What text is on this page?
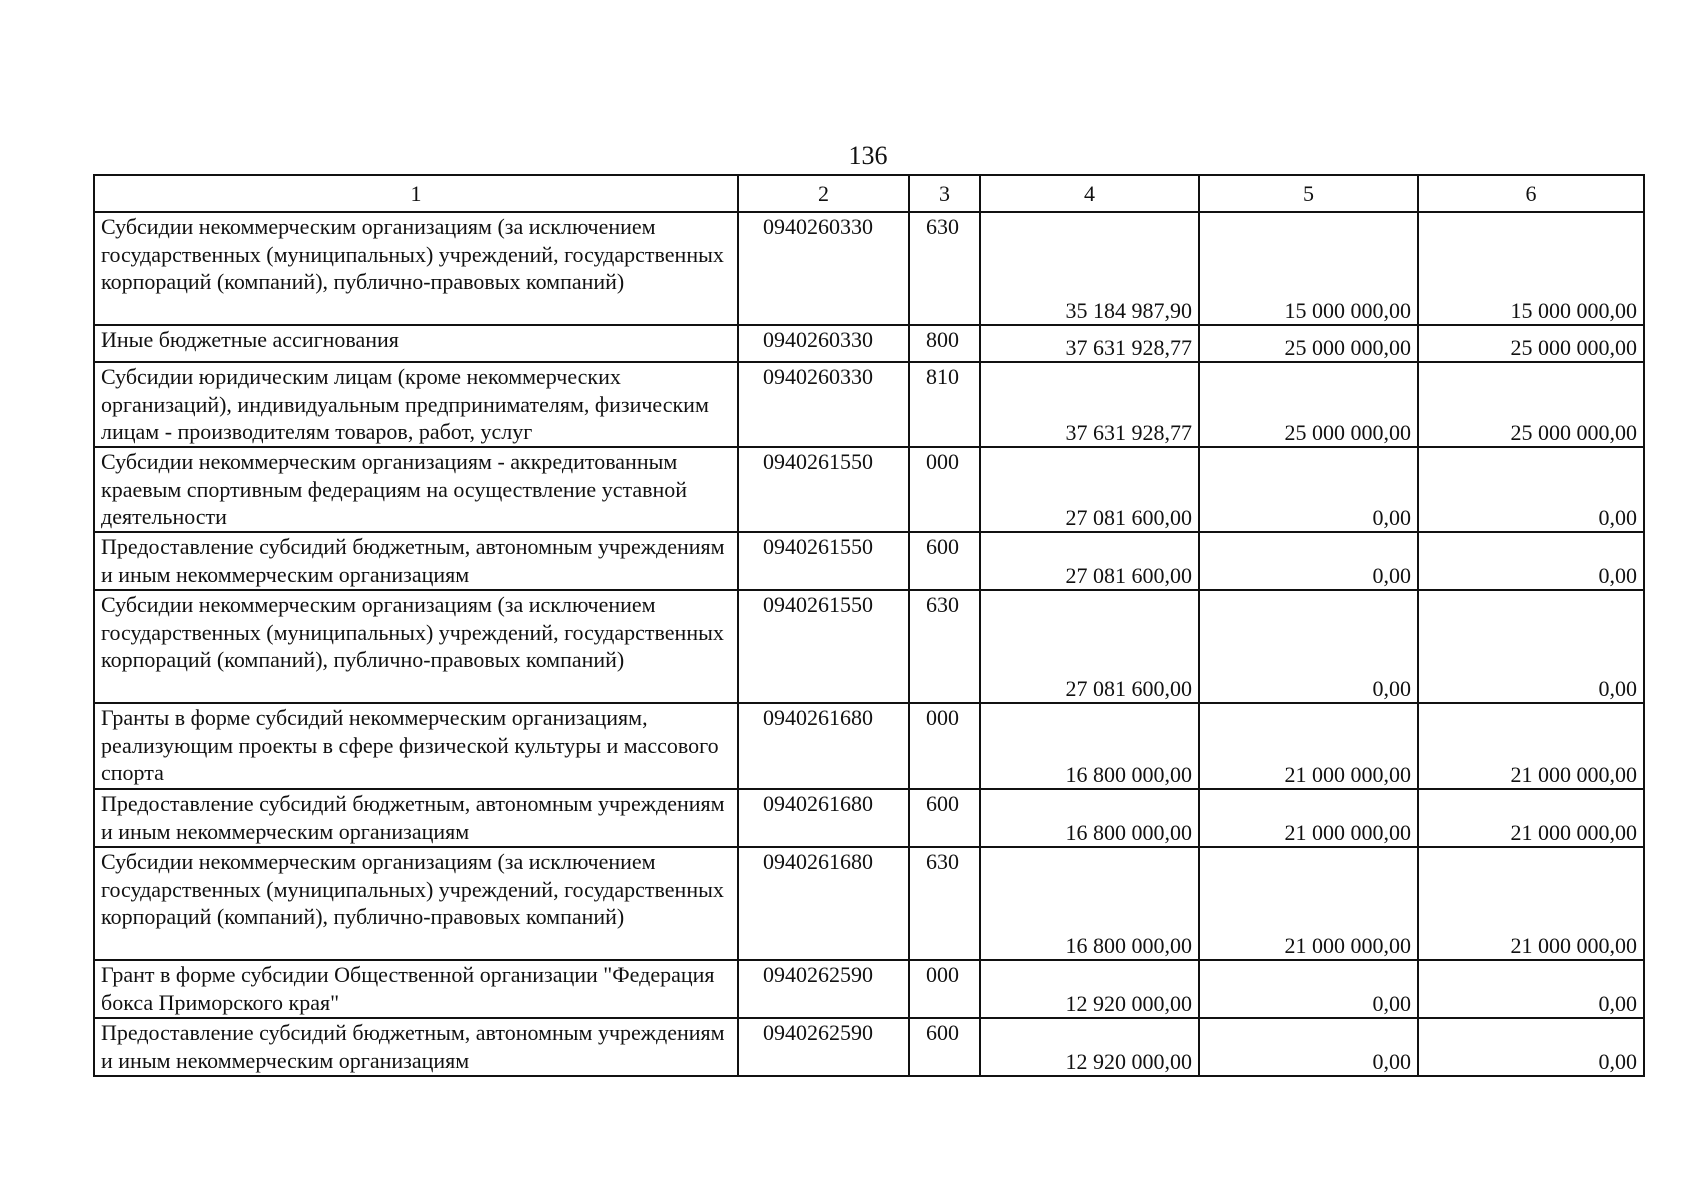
136
1	2	3	4	5	6
Субсидии некоммерческим организациям (за исключением государственных (муниципальных) учреждений, государственных корпораций (компаний), публично-правовых компаний)	0940260330	630	35 184 987,90	15 000 000,00	15 000 000,00
Иные бюджетные ассигнования	0940260330	800	37 631 928,77	25 000 000,00	25 000 000,00
Субсидии юридическим лицам (кроме некоммерческих организаций), индивидуальным предпринимателям, физическим лицам - производителям товаров, работ, услуг	0940260330	810	37 631 928,77	25 000 000,00	25 000 000,00
Субсидии некоммерческим организациям - аккредитованным краевым спортивным федерациям на осуществление уставной деятельности	0940261550	000	27 081 600,00	0,00	0,00
Предоставление субсидий бюджетным, автономным учреждениям и иным некоммерческим организациям	0940261550	600	27 081 600,00	0,00	0,00
Субсидии некоммерческим организациям (за исключением государственных (муниципальных) учреждений, государственных корпораций (компаний), публично-правовых компаний)	0940261550	630	27 081 600,00	0,00	0,00
Гранты в форме субсидий некоммерческим организациям, реализующим проекты в сфере физической культуры и массового спорта	0940261680	000	16 800 000,00	21 000 000,00	21 000 000,00
Предоставление субсидий бюджетным, автономным учреждениям и иным некоммерческим организациям	0940261680	600	16 800 000,00	21 000 000,00	21 000 000,00
Субсидии некоммерческим организациям (за исключением государственных (муниципальных) учреждений, государственных корпораций (компаний), публично-правовых компаний)	0940261680	630	16 800 000,00	21 000 000,00	21 000 000,00
Грант в форме субсидии Общественной организации "Федерация бокса Приморского края"	0940262590	000	12 920 000,00	0,00	0,00
Предоставление субсидий бюджетным, автономным учреждениям и иным некоммерческим организациям	0940262590	600	12 920 000,00	0,00	0,00
